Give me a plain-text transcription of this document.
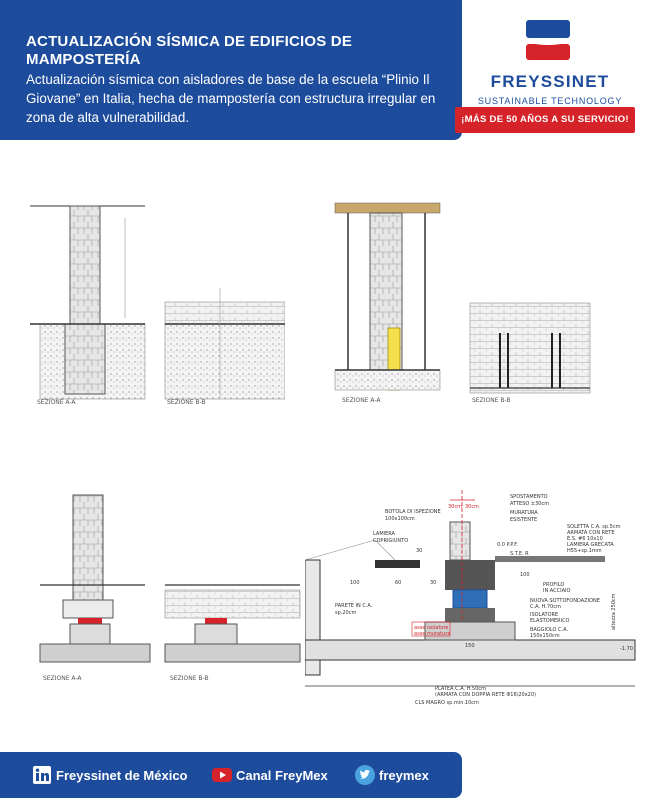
ACTUALIZACIÓN SÍSMICA DE EDIFICIOS DE MAMPOSTERÍA

Actualización sísmica con aisladores de base de la escuela “Plinio Il Giovane” en Italia, hecha de mampostería con estructura irregular en zona de alta vulnerabilidad.

FREYSSINET
SUSTAINABLE TECHNOLOGY
¡MÁS DE 50 AÑOS A SU SERVICIO!
SEZIONE A-A	SEZIONE B-B	SEZIONE A-A	SEZIONE B-B
SEZIONE A-A	SEZIONE B-B
BOTOLA DI ISPEZIONE
100x100cm
SPOSTAMENTO
ATTESO ±30cm
30cm 30cm
MURATURA
ESISTENTE
LAMIERA
COPRIGIUNTO
SOLETTA C.A. sp.5cm
ARMATA CON RETE
E.S. #6 10x10
LAMIERA GRECATA
H55+sp.1mm
30
100	60	30
100
0.0 P.P.F.
S.T.E. R
PROFILO
IN ACCIAIO
PARETE IN C.A.
sp.20cm
NUOVA SOTTOFONDAZIONE
C.A. H.70cm
ISOLATORE
ELASTOMERICO
asse isolatore
asse muratura
BAGGIOLO C.A.
150x150cm
150
altezza 250cm
-1.70
PLATEA C.A. H.50cm
(ARMATA CON DOPPIA RETE Φ16\20x20)
CLS MAGRO sp.min.10cm
Freyssinet de México	Canal FreyMex	freymex
